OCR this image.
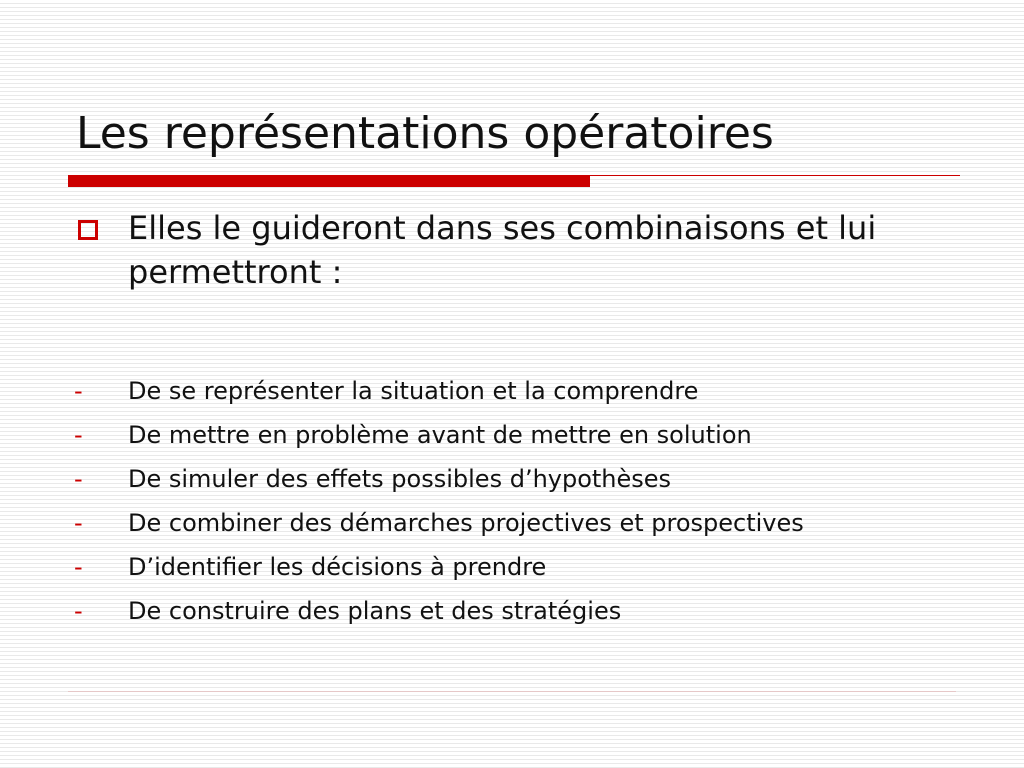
Les représentations opératoires
Elles le guideront dans ses combinaisons et lui permettront :
- De se représenter la situation et la comprendre
- De mettre en problème avant de mettre en solution
- De simuler des effets possibles d’hypothèses
- De combiner des démarches projectives et prospectives
- D’identifier les décisions à prendre
- De construire des plans et des stratégies
